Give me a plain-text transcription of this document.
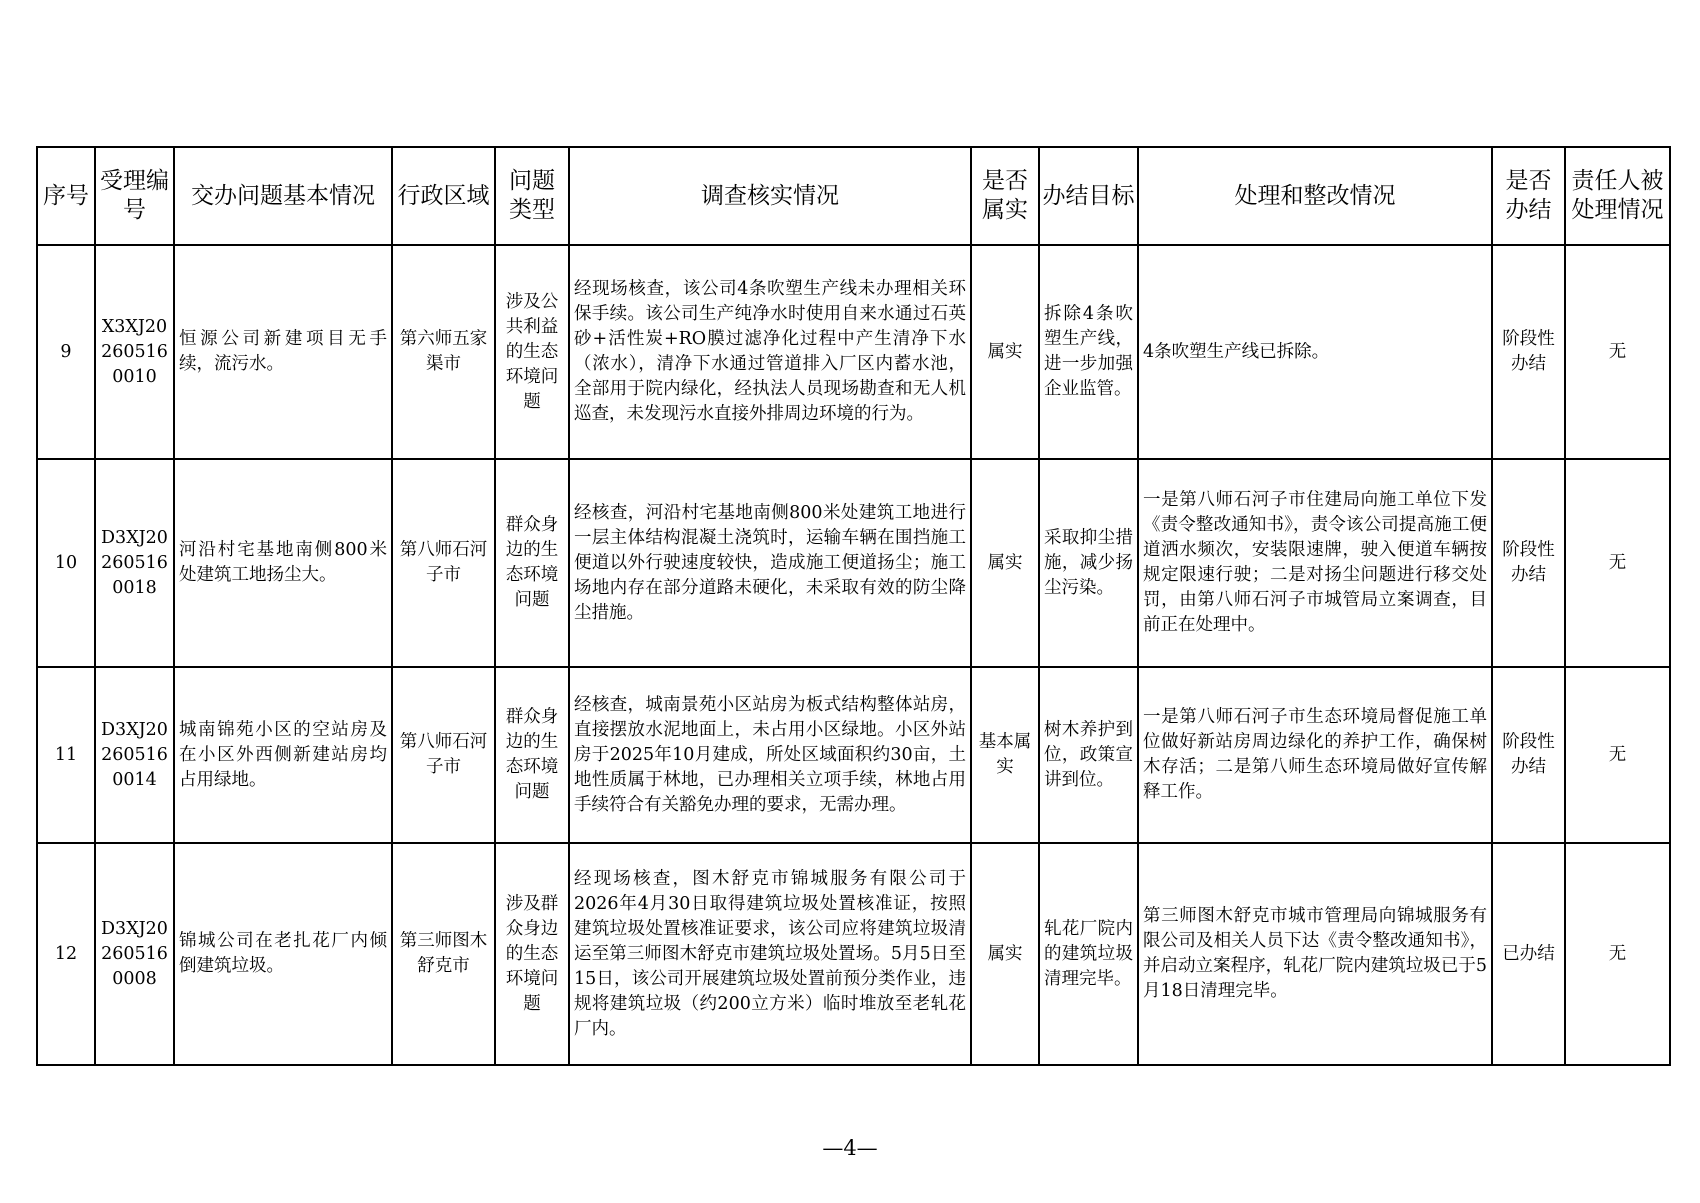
序号	受理编号	交办问题基本情况	行政区域	问题类型	调查核实情况	是否属实	办结目标	处理和整改情况	是否办结	责任人被处理情况
9	X3XJ202605160010	恒源公司新建项目无手续，流污水。	第六师五家渠市	涉及公共利益的生态环境问题	经现场核查，该公司4条吹塑生产线未办理相关环保手续。该公司生产纯净水时使用自来水通过石英砂+活性炭+RO膜过滤净化过程中产生清净下水（浓水），清净下水通过管道排入厂区内蓄水池，全部用于院内绿化，经执法人员现场勘查和无人机巡查，未发现污水直接外排周边环境的行为。	属实	拆除4条吹塑生产线，进一步加强企业监管。	4条吹塑生产线已拆除。	阶段性办结	无
10	D3XJ202605160018	河沿村宅基地南侧800米处建筑工地扬尘大。	第八师石河子市	群众身边的生态环境问题	经核查，河沿村宅基地南侧800米处建筑工地进行一层主体结构混凝土浇筑时，运输车辆在围挡施工便道以外行驶速度较快，造成施工便道扬尘；施工场地内存在部分道路未硬化，未采取有效的防尘降尘措施。	属实	采取抑尘措施，减少扬尘污染。	一是第八师石河子市住建局向施工单位下发《责令整改通知书》，责令该公司提高施工便道洒水频次，安装限速牌，驶入便道车辆按规定限速行驶；二是对扬尘问题进行移交处罚，由第八师石河子市城管局立案调查，目前正在处理中。	阶段性办结	无
11	D3XJ202605160014	城南锦苑小区的空站房及在小区外西侧新建站房均占用绿地。	第八师石河子市	群众身边的生态环境问题	经核查，城南景苑小区站房为板式结构整体站房，直接摆放水泥地面上，未占用小区绿地。小区外站房于2025年10月建成，所处区域面积约30亩，土地性质属于林地，已办理相关立项手续，林地占用手续符合有关豁免办理的要求，无需办理。	基本属实	树木养护到位，政策宣讲到位。	一是第八师石河子市生态环境局督促施工单位做好新站房周边绿化的养护工作，确保树木存活；二是第八师生态环境局做好宣传解释工作。	阶段性办结	无
12	D3XJ202605160008	锦城公司在老扎花厂内倾倒建筑垃圾。	第三师图木舒克市	涉及群众身边的生态环境问题	经现场核查，图木舒克市锦城服务有限公司于2026年4月30日取得建筑垃圾处置核准证，按照建筑垃圾处置核准证要求，该公司应将建筑垃圾清运至第三师图木舒克市建筑垃圾处置场。5月5日至15日，该公司开展建筑垃圾处置前预分类作业，违规将建筑垃圾（约200立方米）临时堆放至老轧花厂内。	属实	轧花厂院内的建筑垃圾清理完毕。	第三师图木舒克市城市管理局向锦城服务有限公司及相关人员下达《责令整改通知书》，并启动立案程序，轧花厂院内建筑垃圾已于5月18日清理完毕。	已办结	无
—4—
